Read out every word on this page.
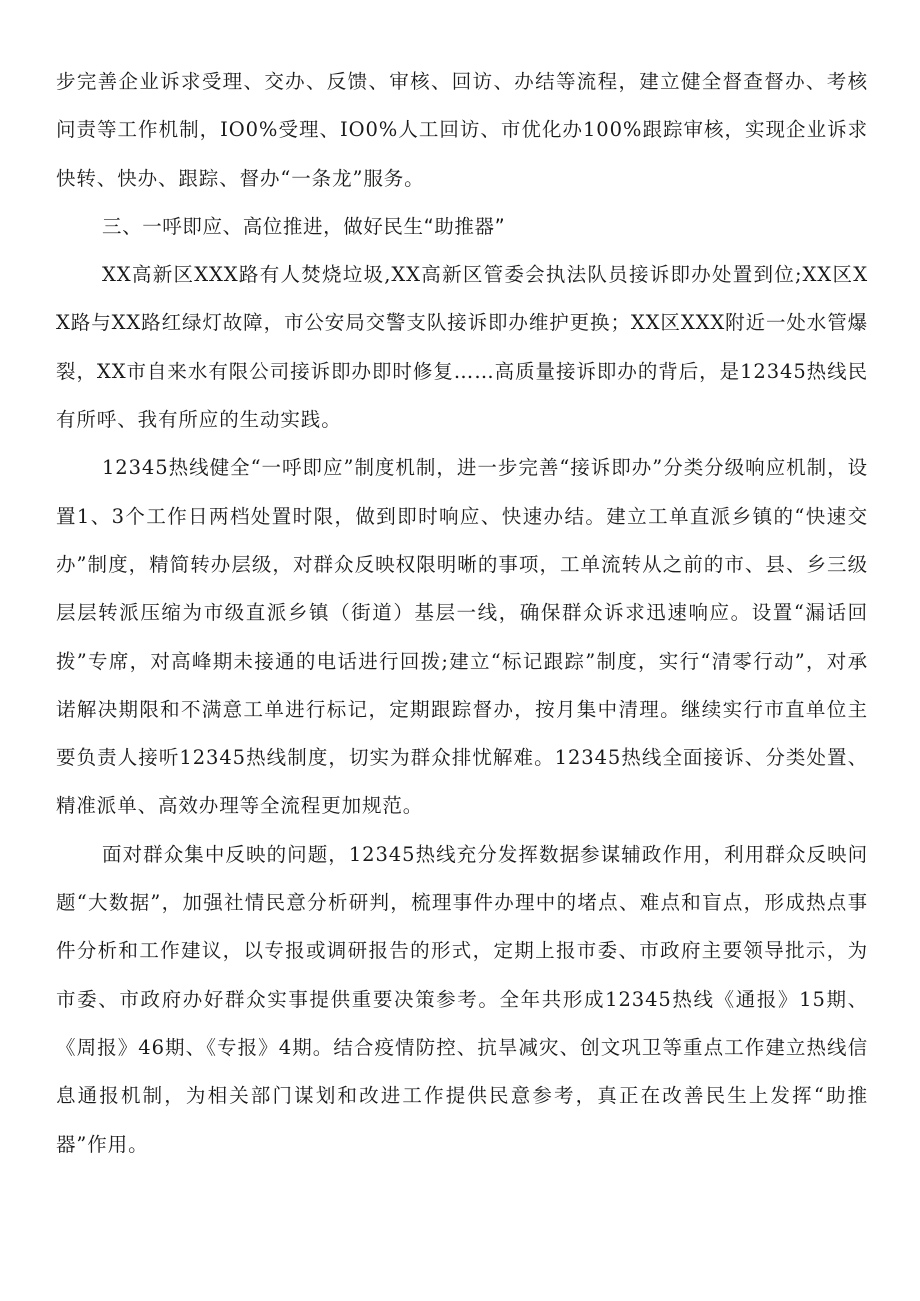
步完善企业诉求受理、交办、反馈、审核、回访、办结等流程，建立健全督查督办、考核问责等工作机制，IO0%受理、IO0%人工回访、市优化办100%跟踪审核，实现企业诉求快转、快办、跟踪、督办“一条龙”服务。

三、一呼即应、高位推进，做好民生“助推器”

XX高新区XXX路有人焚烧垃圾,XX高新区管委会执法队员接诉即办处置到位;XX区XX路与XX路红绿灯故障，市公安局交警支队接诉即办维护更换；XX区XXX附近一处水管爆裂，XX市自来水有限公司接诉即办即时修复……高质量接诉即办的背后，是12345热线民有所呼、我有所应的生动实践。

12345热线健全“一呼即应”制度机制，进一步完善“接诉即办”分类分级响应机制，设置1、3个工作日两档处置时限，做到即时响应、快速办结。建立工单直派乡镇的“快速交办”制度，精简转办层级，对群众反映权限明晰的事项，工单流转从之前的市、县、乡三级层层转派压缩为市级直派乡镇（街道）基层一线，确保群众诉求迅速响应。设置“漏话回拨”专席，对高峰期未接通的电话进行回拨;建立“标记跟踪”制度，实行“清零行动”，对承诺解决期限和不满意工单进行标记，定期跟踪督办，按月集中清理。继续实行市直单位主要负责人接听12345热线制度，切实为群众排忧解难。12345热线全面接诉、分类处置、精准派单、高效办理等全流程更加规范。

面对群众集中反映的问题，12345热线充分发挥数据参谋辅政作用，利用群众反映问题“大数据”，加强社情民意分析研判，梳理事件办理中的堵点、难点和盲点，形成热点事件分析和工作建议，以专报或调研报告的形式，定期上报市委、市政府主要领导批示，为市委、市政府办好群众实事提供重要决策参考。全年共形成12345热线《通报》15期、《周报》46期、《专报》4期。结合疫情防控、抗旱减灾、创文巩卫等重点工作建立热线信息通报机制，为相关部门谋划和改进工作提供民意参考，真正在改善民生上发挥“助推器”作用。
